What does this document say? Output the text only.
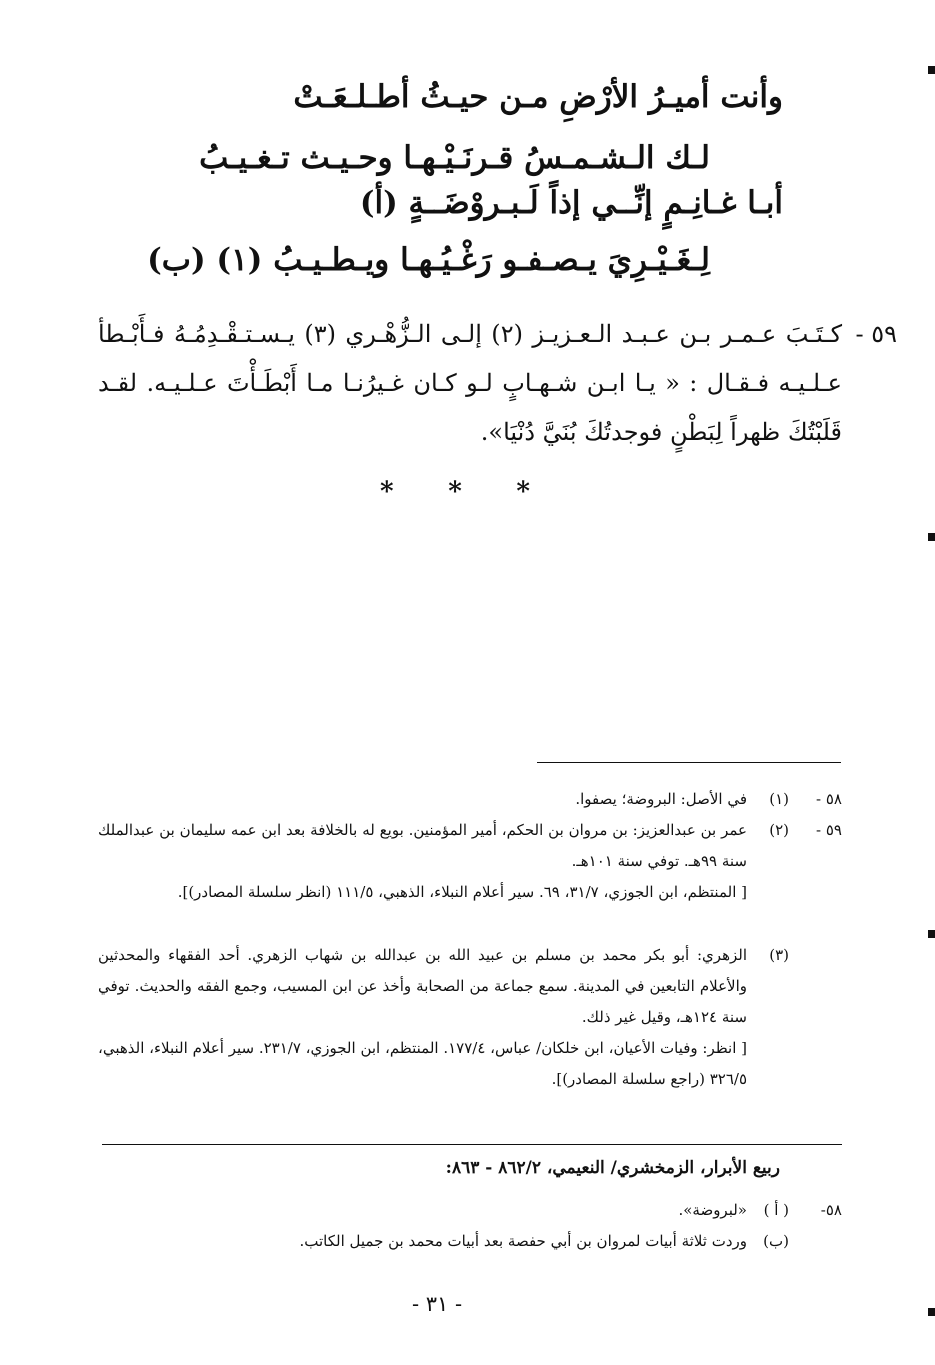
وأنت أميـرُ الأرْضِ مـن حيـثُ أطـلـعَـتْ
لـك الـشـمـسُ قـرنَـيْـهـا وحـيـث تـغـيـبُ
أبـا غـانِـمٍ إنِّــي إذاً لَـبـروْضَــةٍ (أ)
لِـغَـيْـرِيَ يـصـفـو رَغْـيُـهـا ويـطـيـبُ (١) (ب)
٥٩ -
كـتَـبَ عـمـر بـن عـبـد الـعـزيـز (٢) إلـى الـزُّهْـري (٣) يـسـتـقْـدِمُـهُ فـأَبْـطأ عـلـيـه فـقـال : « يـا ابـن شـهـابٍ لـو كـان غـيرُنـا مـا أَبْطَـأْتَ عـلـيـه. لقـد قَلَبْتُكَ ظهراً لِبَطْنٍ فوجدتُكَ بُنَيَّ دُنْيَا».
* * *
٥٨ -
(١)
في الأصل: البروضة؛ يصفوا.
٥٩ -
(٢)
عمر بن عبدالعزيز: بن مروان بن الحكم، أمير المؤمنين. بويع له بالخلافة بعد ابن عمه سليمان بن عبدالملك سنة ٩٩هـ. توفي سنة ١٠١هـ.
[ المنتظم، ابن الجوزي، ٣١/٧، ٦٩. سير أعلام النبلاء، الذهبي، ١١١/٥ (انظر سلسلة المصادر)].
(٣)
الزهري: أبو بكر محمد بن مسلم بن عبيد الله بن عبدالله بن شهاب الزهري. أحد الفقهاء والمحدثين والأعلام التابعين في المدينة. سمع جماعة من الصحابة وأخذ عن ابن المسيب، وجمع الفقه والحديث. توفي سنة ١٢٤هـ، وقيل غير ذلك.
[ انظر: وفيات الأعيان، ابن خلكان/ عباس، ١٧٧/٤. المنتظم، ابن الجوزي، ٢٣١/٧. سير أعلام النبلاء، الذهبي، ٣٢٦/٥ (راجع سلسلة المصادر)].
ربيع الأبرار، الزمخشري/ النعيمي، ٨٦٢/٢ - ٨٦٣:
٥٨-
( أ )
«لبروضة».
(ب)
وردت ثلاثة أبيات لمروان بن أبي حفصة بعد أبيات محمد بن جميل الكاتب.
- ٣١ -
